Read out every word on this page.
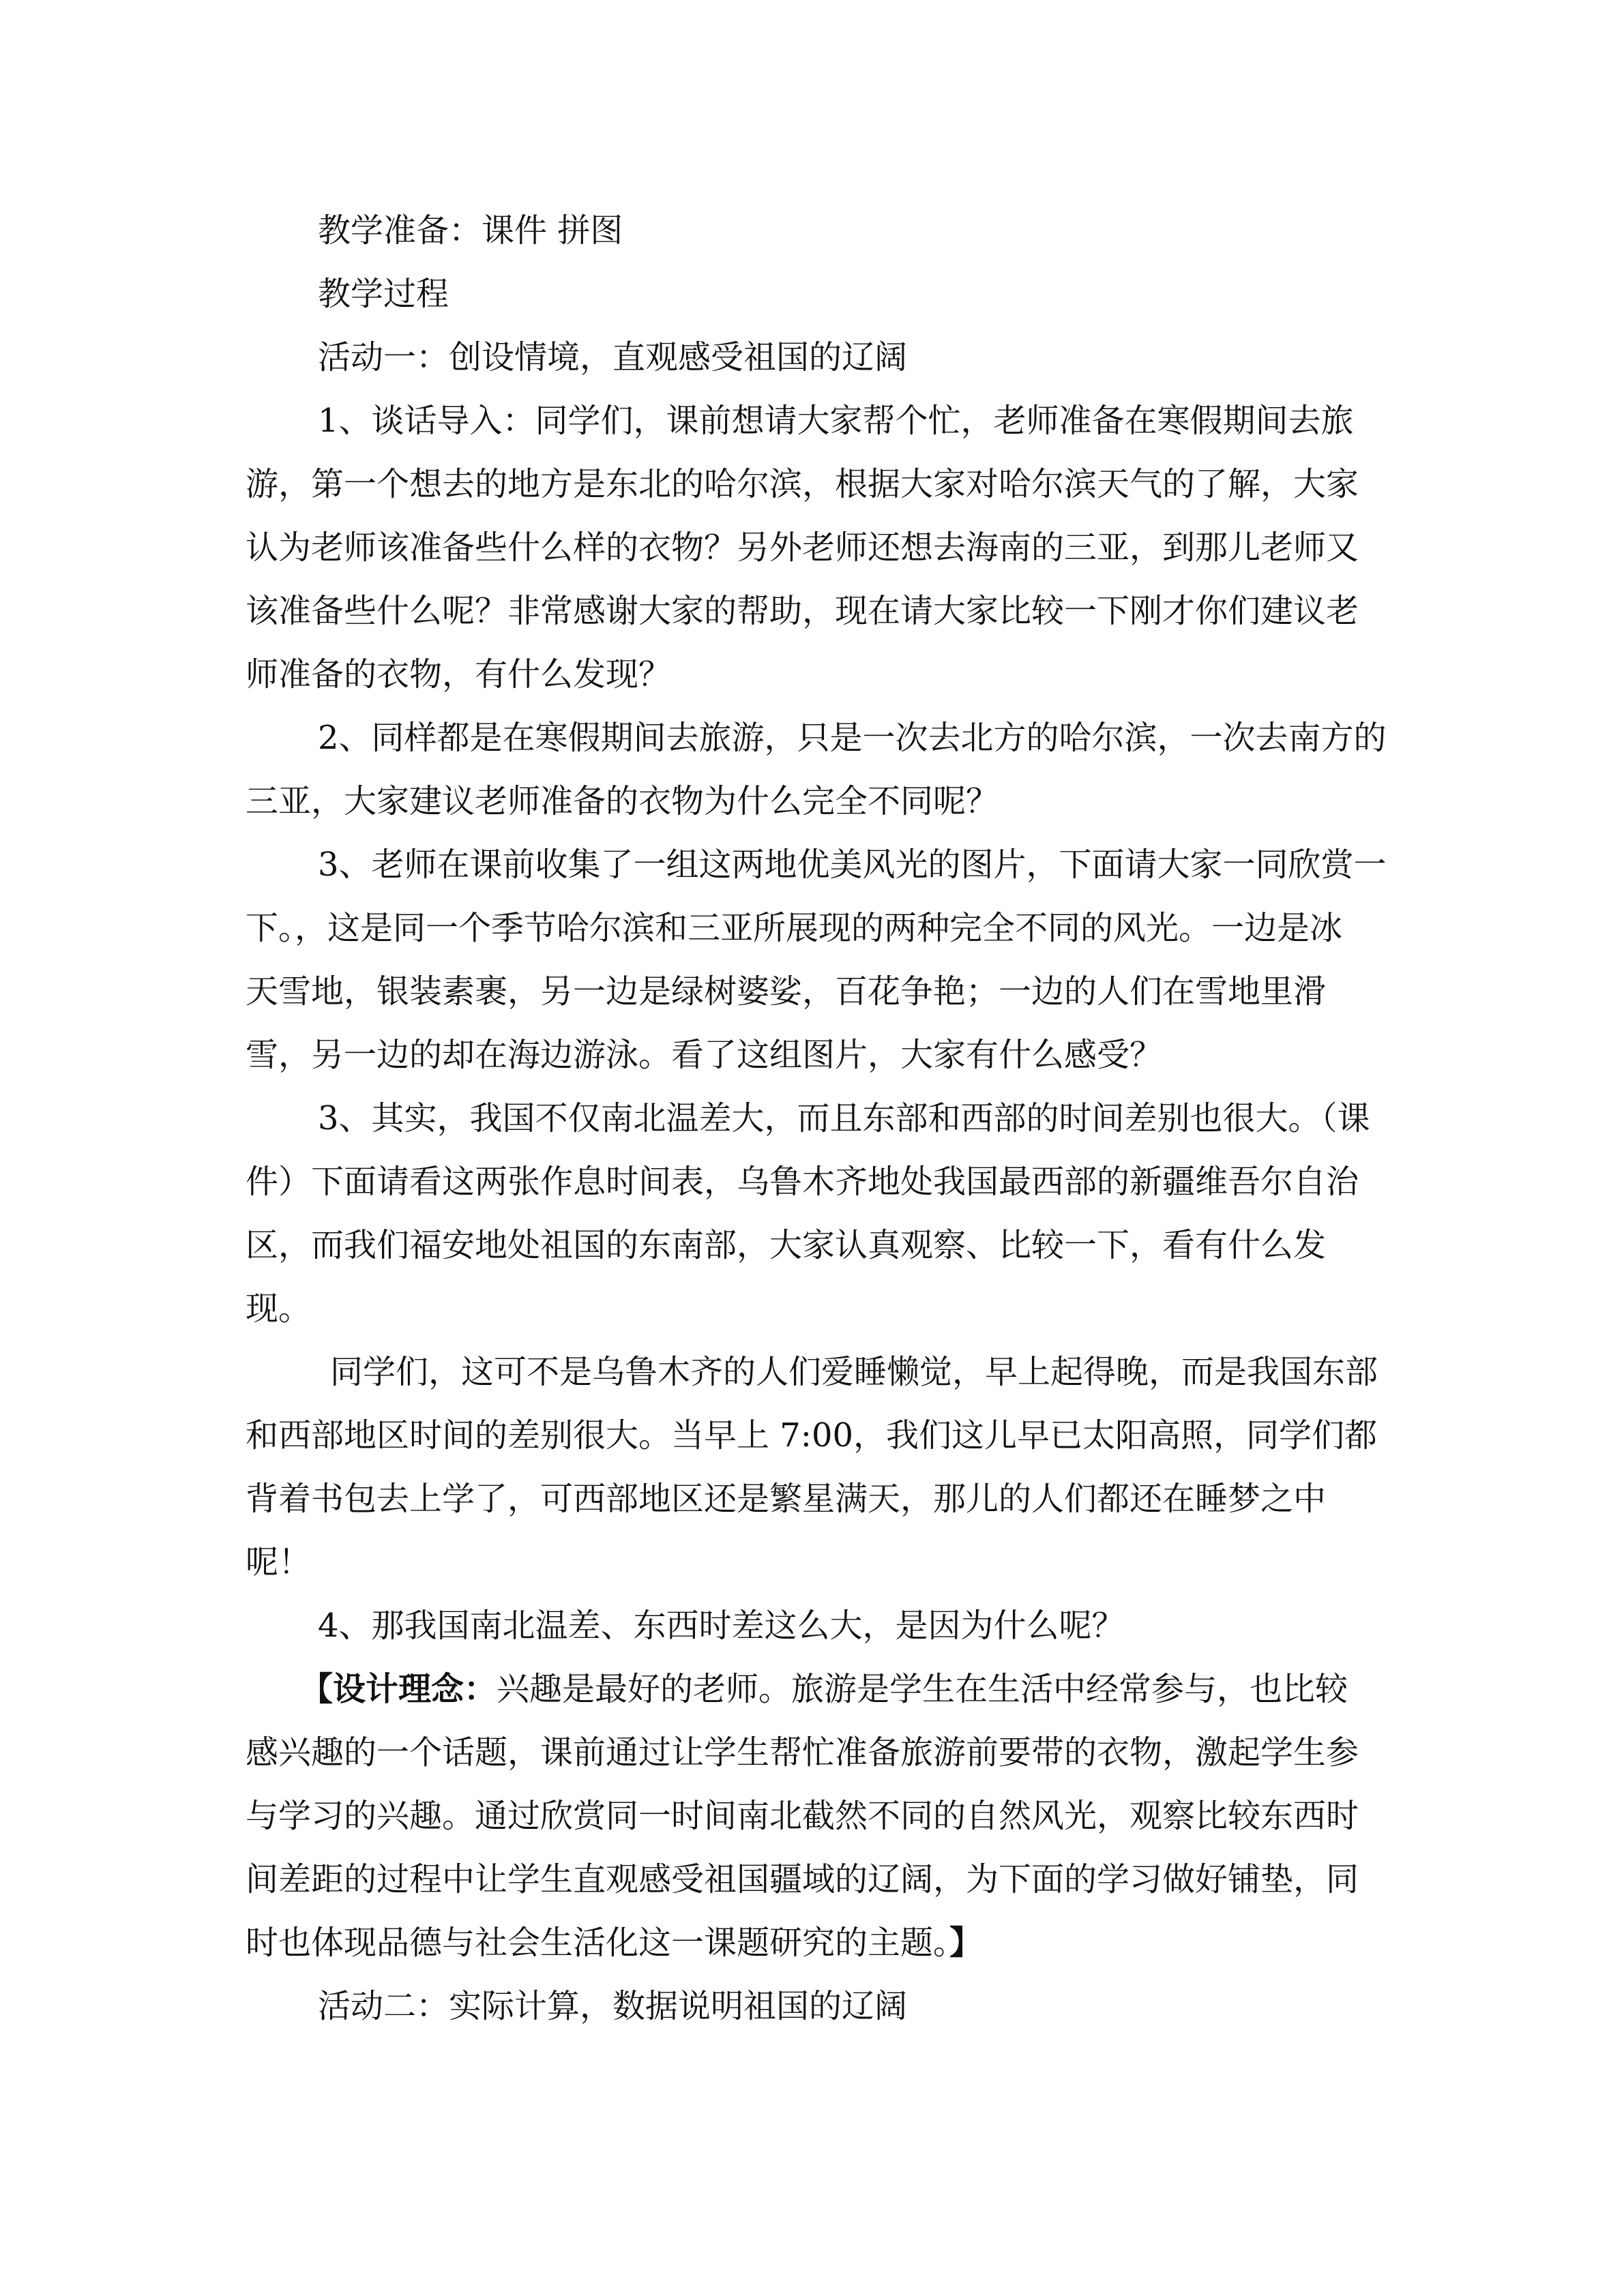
教学准备：课件 拼图
教学过程
活动一：创设情境，直观感受祖国的辽阔
1、谈话导入：同学们，课前想请大家帮个忙，老师准备在寒假期间去旅
游，第一个想去的地方是东北的哈尔滨，根据大家对哈尔滨天气的了解，大家
认为老师该准备些什么样的衣物？另外老师还想去海南的三亚，到那儿老师又
该准备些什么呢？非常感谢大家的帮助，现在请大家比较一下刚才你们建议老
师准备的衣物，有什么发现？
2、同样都是在寒假期间去旅游，只是一次去北方的哈尔滨，一次去南方的
三亚，大家建议老师准备的衣物为什么完全不同呢？
3、老师在课前收集了一组这两地优美风光的图片，下面请大家一同欣赏一
下。，这是同一个季节哈尔滨和三亚所展现的两种完全不同的风光。一边是冰
天雪地，银装素裹，另一边是绿树婆娑，百花争艳；一边的人们在雪地里滑
雪，另一边的却在海边游泳。看了这组图片，大家有什么感受？
3、其实，我国不仅南北温差大，而且东部和西部的时间差别也很大。（课
件）下面请看这两张作息时间表，乌鲁木齐地处我国最西部的新疆维吾尔自治
区，而我们福安地处祖国的东南部，大家认真观察、比较一下，看有什么发
现。
同学们，这可不是乌鲁木齐的人们爱睡懒觉，早上起得晚，而是我国东部
和西部地区时间的差别很大。当早上 7:00，我们这儿早已太阳高照，同学们都
背着书包去上学了，可西部地区还是繁星满天，那儿的人们都还在睡梦之中
呢！
4、那我国南北温差、东西时差这么大，是因为什么呢？
【设计理念：兴趣是最好的老师。旅游是学生在生活中经常参与，也比较
感兴趣的一个话题，课前通过让学生帮忙准备旅游前要带的衣物，激起学生参
与学习的兴趣。通过欣赏同一时间南北截然不同的自然风光，观察比较东西时
间差距的过程中让学生直观感受祖国疆域的辽阔，为下面的学习做好铺垫，同
时也体现品德与社会生活化这一课题研究的主题。】
活动二：实际计算，数据说明祖国的辽阔
